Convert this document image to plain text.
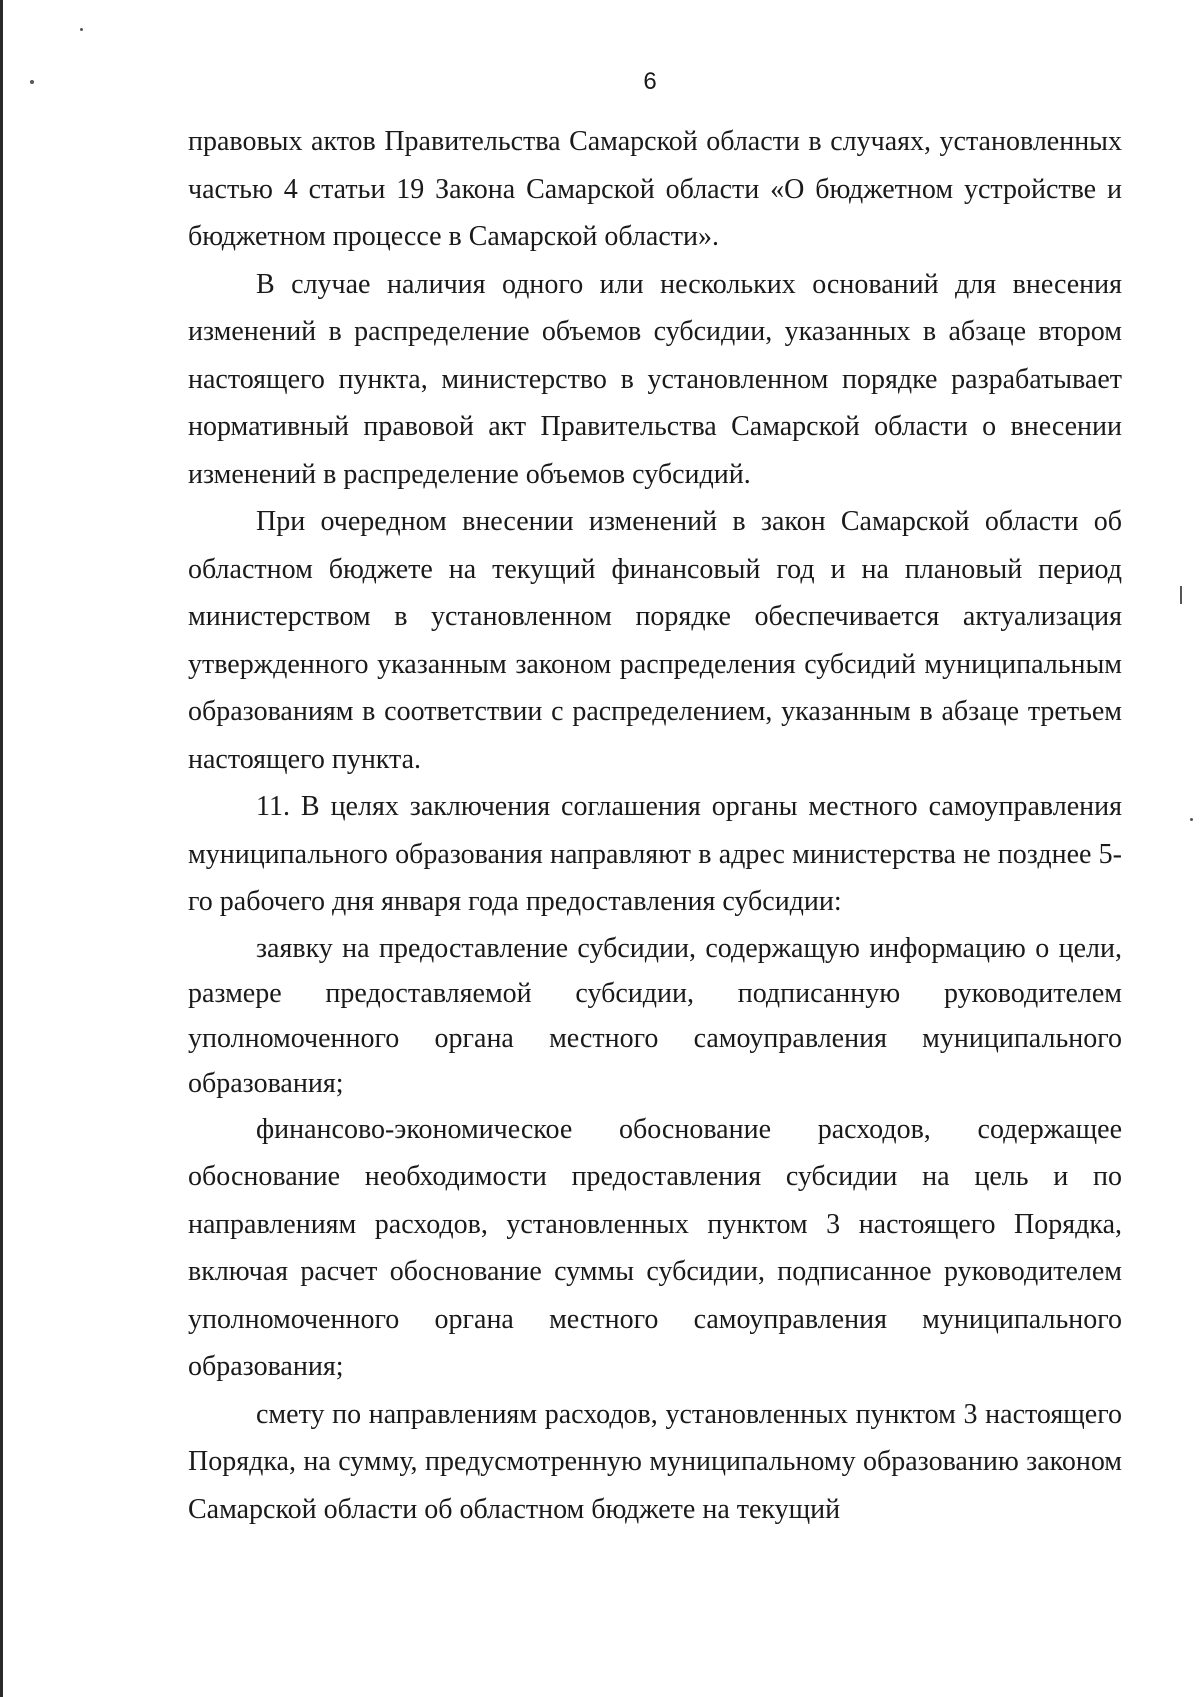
6

правовых актов Правительства Самарской области в случаях, установленных частью 4 статьи 19 Закона Самарской области «О бюджетном устройстве и бюджетном процессе в Самарской области».

В случае наличия одного или нескольких оснований для внесения изменений в распределение объемов субсидии, указанных в абзаце втором настоящего пункта, министерство в установленном порядке разрабатывает нормативный правовой акт Правительства Самарской области о внесении изменений в распределение объемов субсидий.

При очередном внесении изменений в закон Самарской области об областном бюджете на текущий финансовый год и на плановый период министерством в установленном порядке обеспечивается актуализация утвержденного указанным законом распределения субсидий муниципальным образованиям в соответствии с распределением, указанным в абзаце третьем настоящего пункта.

11. В целях заключения соглашения органы местного самоуправления муниципального образования направляют в адрес министерства не позднее 5-го рабочего дня января года предоставления субсидии:

заявку на предоставление субсидии, содержащую информацию о цели, размере предоставляемой субсидии, подписанную руководителем уполномоченного органа местного самоуправления муниципального образования;

финансово-экономическое обоснование расходов, содержащее обоснование необходимости предоставления субсидии на цель и по направлениям расходов, установленных пунктом 3 настоящего Порядка, включая расчет обоснование суммы субсидии, подписанное руководителем уполномоченного органа местного самоуправления муниципального образования;

смету по направлениям расходов, установленных пунктом 3 настоящего Порядка, на сумму, предусмотренную муниципальному образованию законом Самарской области об областном бюджете на текущий
